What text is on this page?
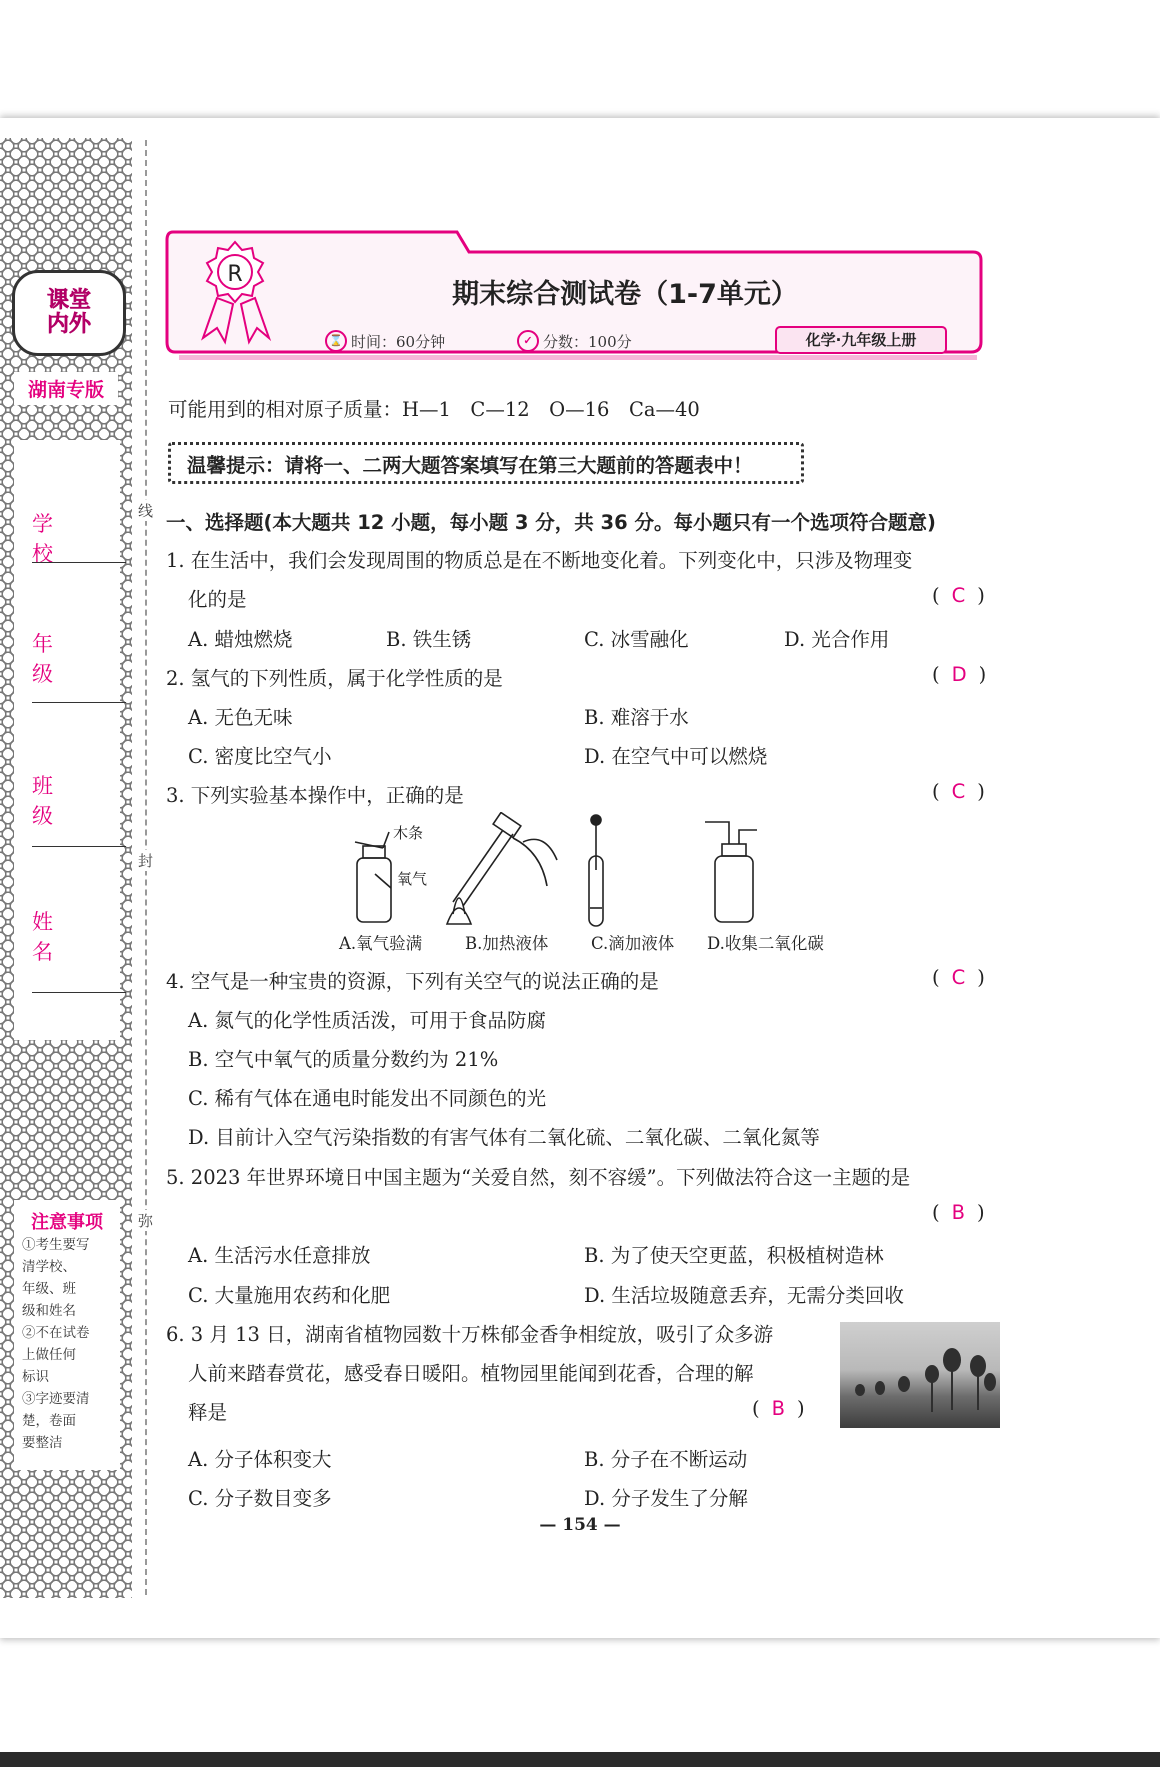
课堂
内外
湖南专版
学 校
年 级
班 级
姓 名
注意事项
①考生要写
清学校、
年级、班
级和姓名
②不在试卷
上做任何
标识
③字迹要清
楚，卷面
要整洁
线
封
弥
R
期末综合测试卷（1-7单元）
⌛ 时间：60分钟	✓ 分数：100分	化学·九年级上册
可能用到的相对原子质量：H—1　C—12　O—16　Ca—40
温馨提示：请将一、二两大题答案填写在第三大题前的答题表中！
一、选择题(本大题共 12 小题，每小题 3 分，共 36 分。每小题只有一个选项符合题意)
1. 在生活中，我们会发现周围的物质总是在不断地变化着。下列变化中，只涉及物理变
化的是	( C )
A. 蜡烛燃烧	B. 铁生锈	C. 冰雪融化	D. 光合作用
2. 氢气的下列性质，属于化学性质的是	( D )
A. 无色无味	B. 难溶于水
C. 密度比空气小	D. 在空气中可以燃烧
3. 下列实验基本操作中，正确的是	( C )
木条
氧气
A.氧气验满	B.加热液体	C.滴加液体 D.收集二氧化碳
4. 空气是一种宝贵的资源，下列有关空气的说法正确的是	( C )
A. 氮气的化学性质活泼，可用于食品防腐
B. 空气中氧气的质量分数约为 21%
C. 稀有气体在通电时能发出不同颜色的光
D. 目前计入空气污染指数的有害气体有二氧化硫、二氧化碳、二氧化氮等
5. 2023 年世界环境日中国主题为“关爱自然，刻不容缓”。下列做法符合这一主题的是
( B )
A. 生活污水任意排放	B. 为了使天空更蓝，积极植树造林
C. 大量施用农药和化肥	D. 生活垃圾随意丢弃，无需分类回收
6. 3 月 13 日，湖南省植物园数十万株郁金香争相绽放，吸引了众多游
人前来踏春赏花，感受春日暖阳。植物园里能闻到花香，合理的解
释是	( B )
A. 分子体积变大	B. 分子在不断运动
C. 分子数目变多	D. 分子发生了分解
— 154 —
